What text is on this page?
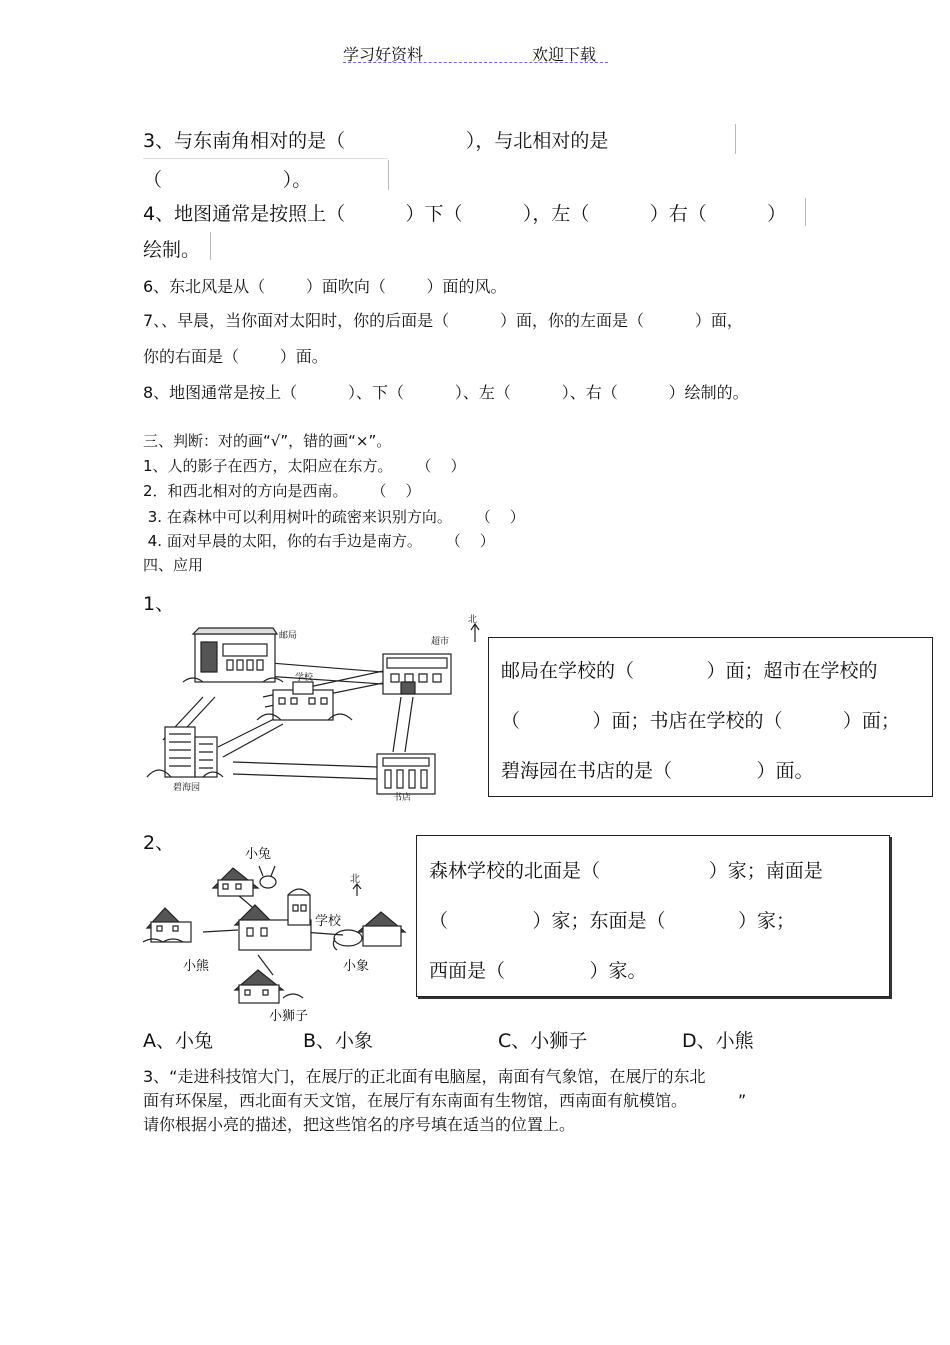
学习好资料	欢迎下载
3、与东南角相对的是（                    ），与北相对的是
（                    ）。
4、地图通常是按照上（          ）下（          ），左（          ）右（          ）
绘制。
6、东北风是从（        ）面吹向（        ）面的风。
7、、早晨，当你面对太阳时，你的后面是（          ）面，你的左面是（          ）面，
你的右面是（        ）面。
8、地图通常是按上（          ）、下（          ）、左（          ）、右（          ）绘制的。
三、判断：对的画“√”，错的画“×”。
1、人的影子在西方，太阳应在东方。     （    ）
2．和西北相对的方向是西南。     （    ）
3. 在森林中可以利用树叶的疏密来识别方向。     （    ）
4. 面对早晨的太阳，你的右手边是南方。     （    ）
四、应用
1、
邮局
超市
学校
碧海园
书店
北
邮局在学校的（            ）面；超市在学校的
（            ）面；书店在学校的（          ）面；
碧海园在书店的是（              ）面。
2、
小兔
北
学校
小熊	小象
小狮子
森林学校的北面是（                  ）家；南面是
（              ）家；东面是（            ）家；
西面是（              ）家。
A、小兔	B、小象	C、小狮子	D、小熊
3、“走进科技馆大门，在展厅的正北面有电脑屋，南面有气象馆，在展厅的东北
面有环保屋，西北面有天文馆，在展厅有东南面有生物馆，西南面有航模馆。          ”
请你根据小亮的描述，把这些馆名的序号填在适当的位置上。
